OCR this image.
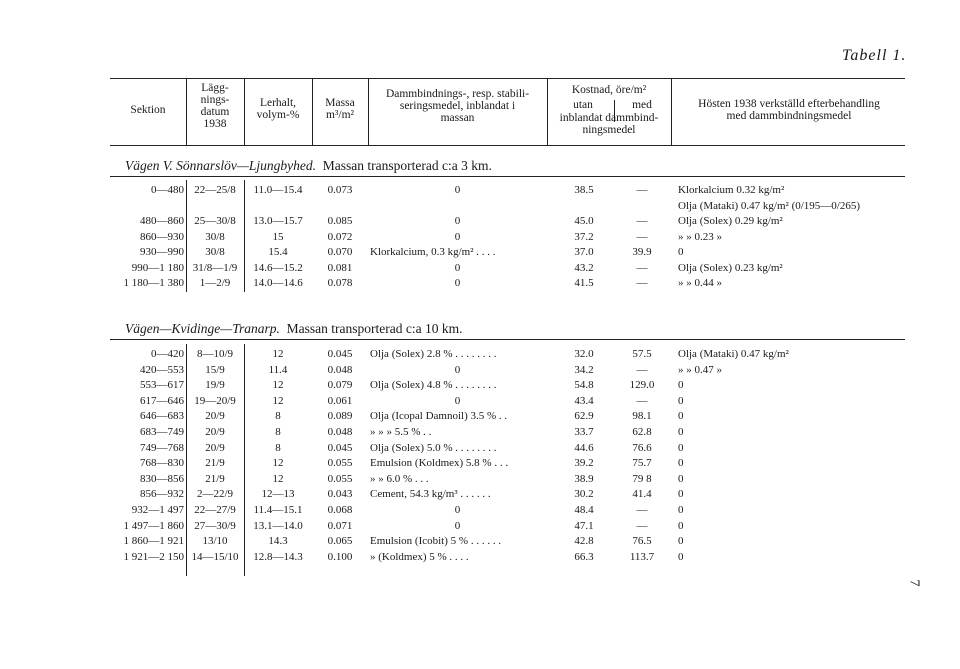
Tabell 1.
Sektion
Lägg-
nings-
datum
1938
Lerhalt,
volym-%
Massa
m³/m²
Dammbindnings-, resp. stabili-
seringsmedel, inblandat i
massan
Kostnad, öre/m²
utan	med
inblandat dammbind-
ningsmedel
Hösten 1938 verkställd efterbehandling
med dammbindningsmedel
Vägen V. Sönnarslöv—Ljungbyhed. Massan transporterad c:a 3 km.
0—480 22—25/8	11.0—15.4	0.073	0	38.5	—	Klorkalcium 0.32 kg/m²
Olja (Mataki) 0.47 kg/m² (0/195—0/265)
480—860 25—30/8	13.0—15.7	0.085	0	45.0	—	Olja (Solex) 0.29 kg/m²
860—930	30/8	15	0.072	0	37.2	—	» » 0.23 »
930—990	30/8	15.4	0.070	Klorkalcium, 0.3 kg/m² . . . .	37.0	39.9	0
990—1 180 31/8—1/9	14.6—15.2	0.081	0	43.2	—	Olja (Solex) 0.23 kg/m²
1 180—1 380	1—2/9	14.0—14.6	0.078	0	41.5	—	» » 0.44 »
Vägen—Kvidinge—Tranarp. Massan transporterad c:a 10 km.
0—420	8—10/9	12	0.045	Olja (Solex) 2.8 % . . . . . . . .	32.0	57.5	Olja (Mataki) 0.47 kg/m²
420—553	15/9	11.4	0.048	0	34.2	—	» » 0.47 »
553—617	19/9	12	0.079	Olja (Solex) 4.8 % . . . . . . . .	54.8	129.0	0
617—646 19—20/9	12	0.061	0	43.4	—	0
646—683	20/9	8	0.089	Olja (Icopal Damnoil) 3.5 % . .	62.9	98.1	0
683—749	20/9	8	0.048	» » » 5.5 % . .	33.7	62.8	0
749—768	20/9	8	0.045	Olja (Solex) 5.0 % . . . . . . . .	44.6	76.6	0
768—830	21/9	12	0.055	Emulsion (Koldmex) 5.8 % . . .	39.2	75.7	0
830—856	21/9	12	0.055	» » 6.0 % . . .	38.9	79 8	0
856—932	2—22/9	12—13	0.043	Cement, 54.3 kg/m³ . . . . . .	30.2	41.4	0
932—1 497 22—27/9	11.4—15.1	0.068	0	48.4	—	0
1 497—1 860 27—30/9	13.1—14.0	0.071	0	47.1	—	0
1 860—1 921	13/10	14.3	0.065	Emulsion (Icobit) 5 % . . . . . .	42.8	76.5	0
1 921—2 150 14—15/10	12.8—14.3	0.100	» (Koldmex) 5 % . . . .	66.3	113.7	0
7
